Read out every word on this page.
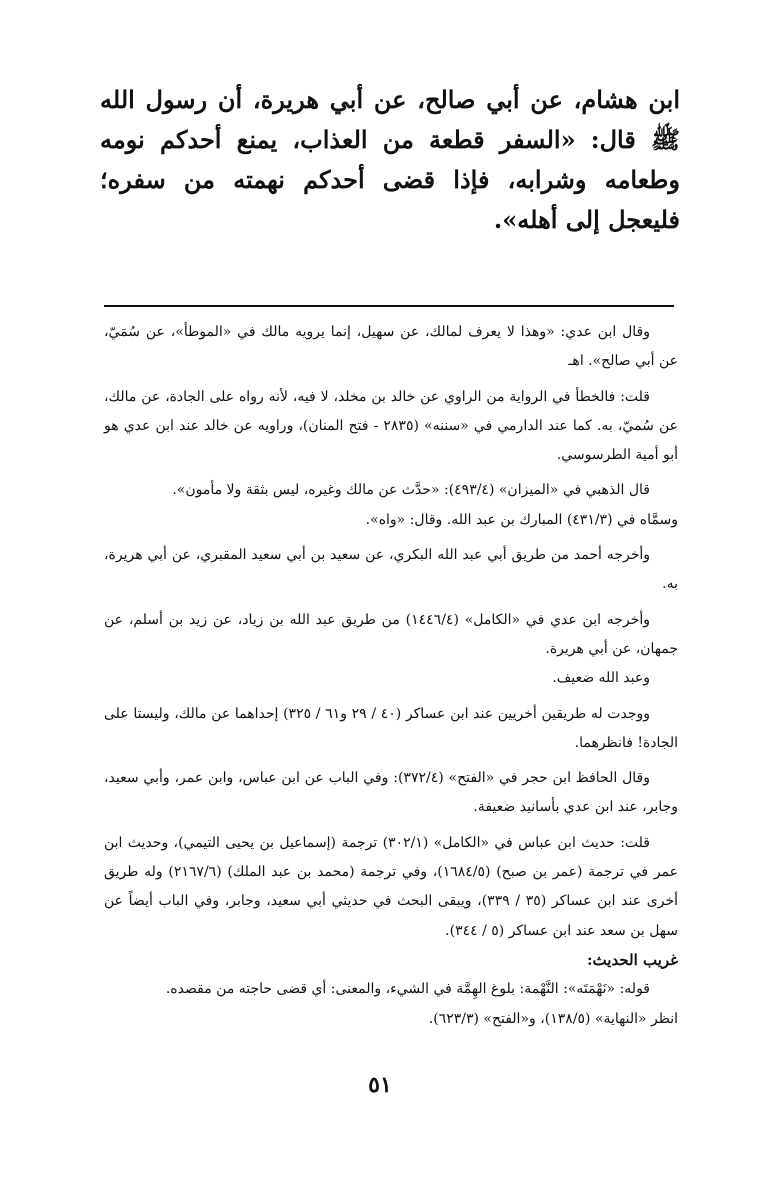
ابن هشام، عن أبي صالح، عن أبي هريرة، أن رسول الله ﷺ قال: «السفر قطعة من العذاب، يمنع أحدكم نومه وطعامه وشرابه، فإذا قضى أحدكم نهمته من سفره؛ فليعجل إلى أهله».

وقال ابن عدي: «وهذا لا يعرف لمالك، عن سهيل، إنما يرويه مالك في «الموطأ»، عن سُمَيّ، عن أبي صالح». اهـ

قلت: فالخطأ في الرواية من الراوي عن خالد بن مخلد، لا فيه، لأنه رواه على الجادة، عن مالك، عن سُميّ، به. كما عند الدارمي في «سننه» (٢٨٣٥ - فتح المنان)، وراويه عن خالد عند ابن عدي هو أبو أمية الطرسوسي.

قال الذهبي في «الميزان» (٤٩٣/٤): «حدَّث عن مالك وغيره، ليس بثقة ولا مأمون».

وسمَّاه في (٤٣١/٣) المبارك بن عبد الله. وقال: «واه».

وأخرجه أحمد من طريق أبي عبد الله البكري، عن سعيد بن أبي سعيد المقبري، عن أبي هريرة، به.

وأخرجه ابن عدي في «الكامل» (١٤٤٦/٤) من طريق عبد الله بن زياد، عن زيد بن أسلم، عن جمهان، عن أبي هريرة.

وعبد الله ضعيف.

ووجدت له طريقين أخريين عند ابن عساكر (٤٠ / ٢٩ و٦١ / ٣٢٥) إحداهما عن مالك، وليستا على الجادة! فانظرهما.

وقال الحافظ ابن حجر في «الفتح» (٣٧٢/٤): وفي الباب عن ابن عباس، وابن عمر، وأبي سعيد، وجابر، عند ابن عدي بأسانيد ضعيفة.

قلت: حديث ابن عباس في «الكامل» (٣٠٢/١) ترجمة (إسماعيل بن يحيى التيمي)، وحديث ابن عمر في ترجمة (عمر بن صبح) (١٦٨٤/٥)، وفي ترجمة (محمد بن عبد الملك) (٢١٦٧/٦) وله طريق أخرى عند ابن عساكر (٣٥ / ٣٣٩)، ويبقى البحث في حديثي أبي سعيد، وجابر، وفي الباب أيضاً عن سهل بن سعد عند ابن عساكر (٥ / ٣٤٤).

غريب الحديث:

قوله: «نَهْمَتَه»: النَّهْمة: بلوغ الهِمَّة في الشيء، والمعنى: أي قضى حاجته من مقصده.

انظر «النهاية» (١٣٨/٥)، و«الفتح» (٦٢٣/٣).

٥١
